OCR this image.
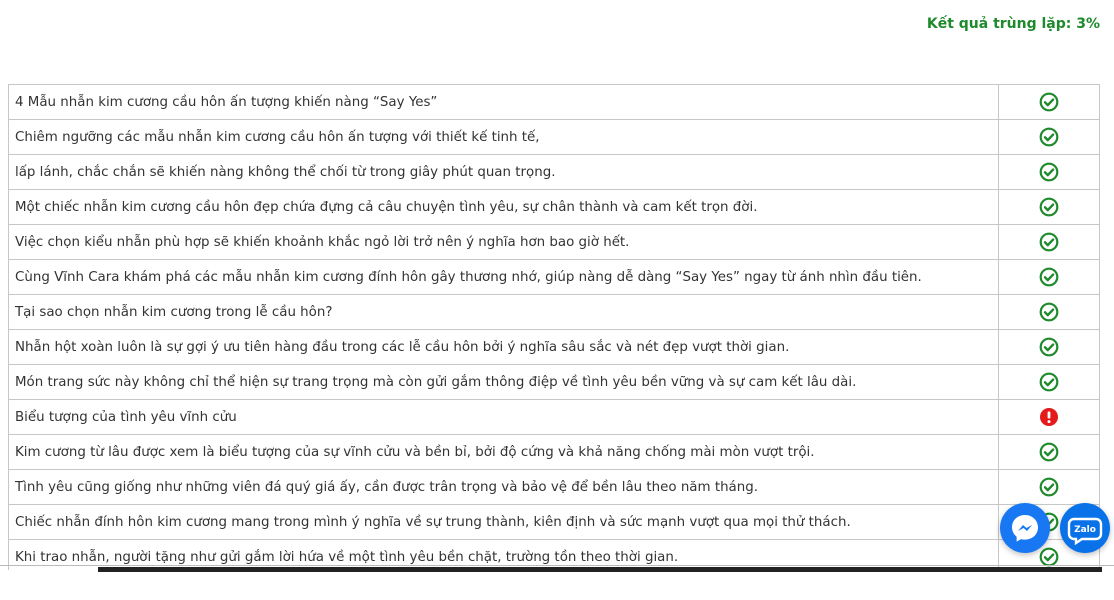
Kết quả trùng lặp: 3%
4 Mẫu nhẫn kim cương cầu hôn ấn tượng khiến nàng “Say Yes”	
Chiêm ngưỡng các mẫu nhẫn kim cương cầu hôn ấn tượng với thiết kế tinh tế,	
lấp lánh, chắc chắn sẽ khiến nàng không thể chối từ trong giây phút quan trọng.	
Một chiếc nhẫn kim cương cầu hôn đẹp chứa đựng cả câu chuyện tình yêu, sự chân thành và cam kết trọn đời.	
Việc chọn kiểu nhẫn phù hợp sẽ khiến khoảnh khắc ngỏ lời trở nên ý nghĩa hơn bao giờ hết.	
Cùng Vĩnh Cara khám phá các mẫu nhẫn kim cương đính hôn gây thương nhớ, giúp nàng dễ dàng “Say Yes” ngay từ ánh nhìn đầu tiên.	
Tại sao chọn nhẫn kim cương trong lễ cầu hôn?	
Nhẫn hột xoàn luôn là sự gợi ý ưu tiên hàng đầu trong các lễ cầu hôn bởi ý nghĩa sâu sắc và nét đẹp vượt thời gian.	
Món trang sức này không chỉ thể hiện sự trang trọng mà còn gửi gắm thông điệp về tình yêu bền vững và sự cam kết lâu dài.	
Biểu tượng của tình yêu vĩnh cửu	
Kim cương từ lâu được xem là biểu tượng của sự vĩnh cửu và bền bỉ, bởi độ cứng và khả năng chống mài mòn vượt trội.	
Tình yêu cũng giống như những viên đá quý giá ấy, cần được trân trọng và bảo vệ để bền lâu theo năm tháng.	
Chiếc nhẫn đính hôn kim cương mang trong mình ý nghĩa về sự trung thành, kiên định và sức mạnh vượt qua mọi thử thách.	
Khi trao nhẫn, người tặng như gửi gắm lời hứa về một tình yêu bền chặt, trường tồn theo thời gian.	
Zalo
